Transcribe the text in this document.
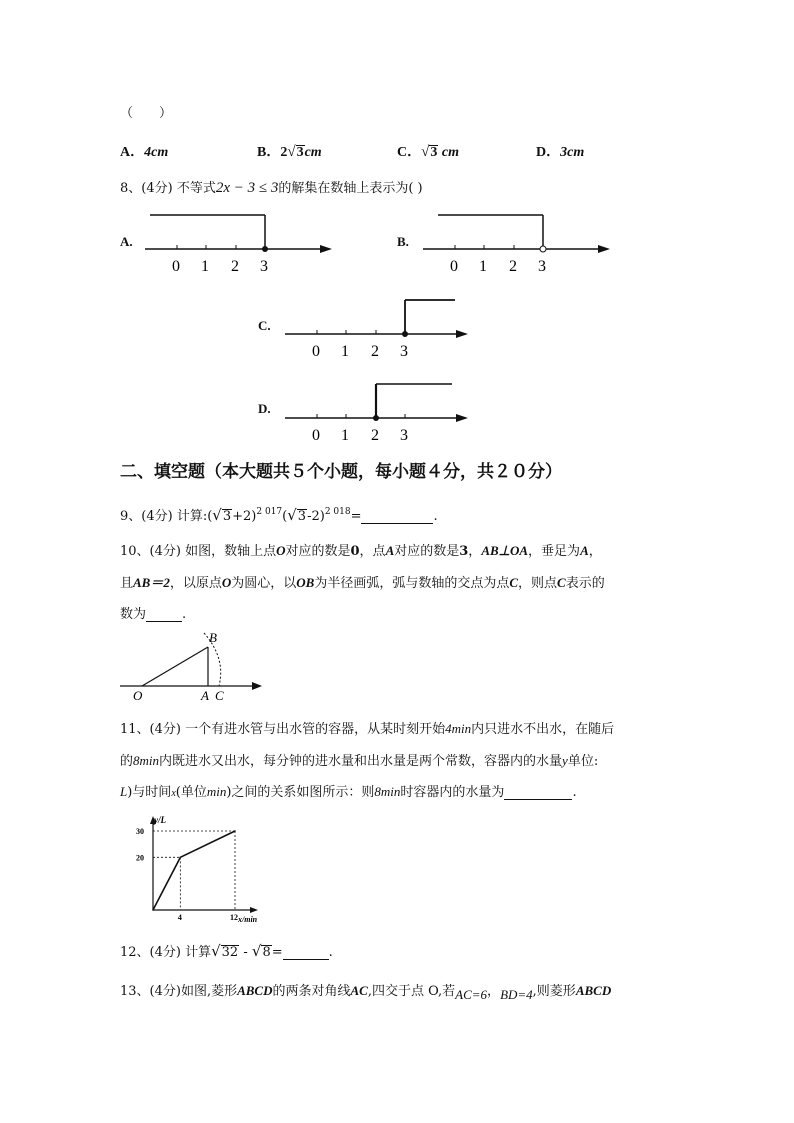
（　　）
A．4cm	B．2√3cm	C．√3 cm	D．3cm
8、(4分) 不等式2x − 3 ≤ 3的解集在数轴上表示为( )
A.
0 1 2 3
B.
0 1 2 3
C.
0 1 2 3
D.
0 1 2 3
二、填空题（本大题共５个小题，每小题４分，共２０分）
9、(4分) 计算$:(√3+2)^{2 017}(√3-2)^{2 018}=$	.
10、(4分) 如图，数轴上点O对应的数是0，点A对应的数是3，AB⊥OA，垂足为A，
且AB＝2，以原点O为圆心，以OB为半径画弧，弧与数轴的交点为点C，则点C表示的
数为	.
O	A C
B
11、(4分) 一个有进水管与出水管的容器，从某时刻开始4min内只进水不出水，在随后
的8min内既进水又出水，每分钟的进水量和出水量是两个常数，容器内的水量y单位:
L)与时间x(单位min)之间的关系如图所示：则8min时容器内的水量为	.
y/L
x/min
4	12
20
30
12、(4分) 计算√32 - √8=	.
13、(4分)如图,菱形ABCD的两条对角线AC,四交于点 O,若AC=6，BD=4,则菱形ABCD
